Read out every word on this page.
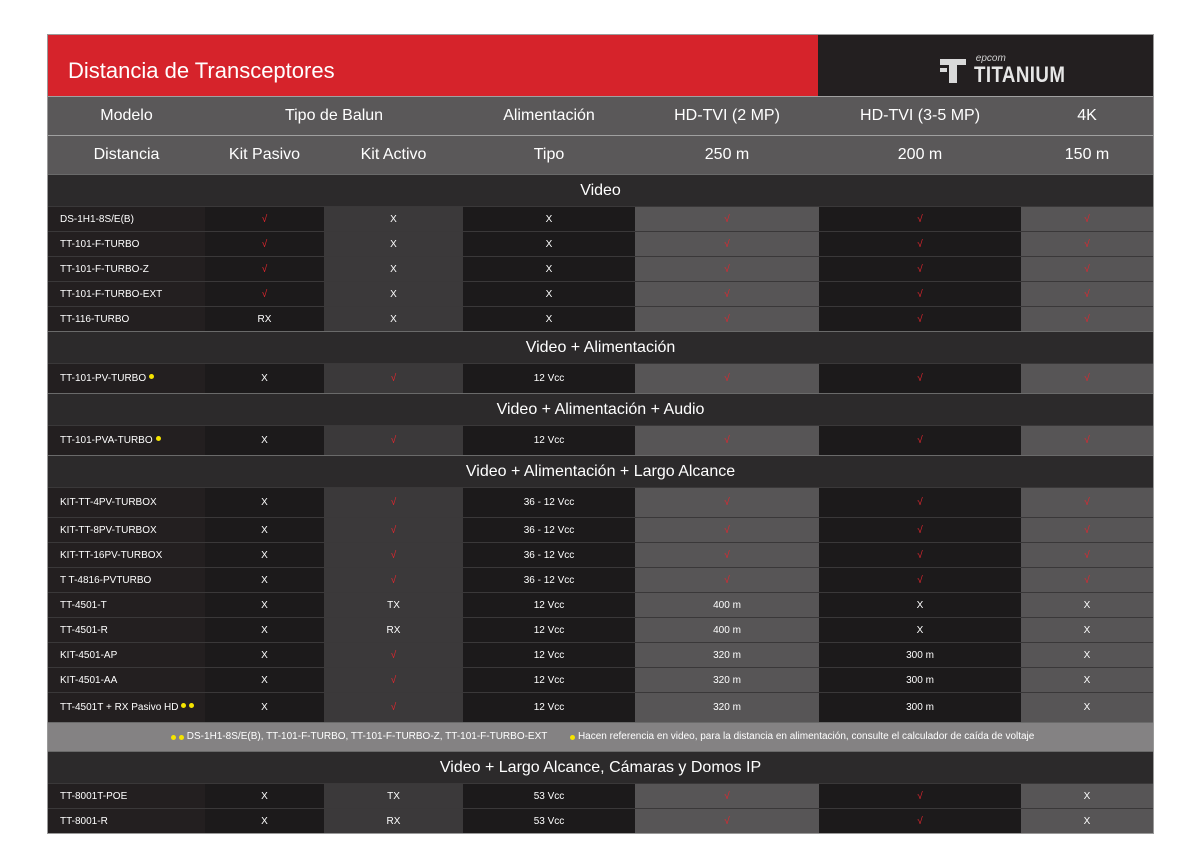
Distancia de Transceptores	epcom
TITANIUM
Modelo	Tipo de Balun		Alimentación	HD-TVI (2 MP)	HD-TVI (3-5 MP)	4K
Distancia	Kit Pasivo	Kit Activo	Tipo	250 m	200 m	150 m
Video						
DS-1H1-8S/E(B)	√	X	X	√	√	√
TT-101-F-TURBO	√	X	X	√	√	√
TT-101-F-TURBO-Z	√	X	X	√	√	√
TT-101-F-TURBO-EXT	√	X	X	√	√	√
TT-116-TURBO	RX	X	X	√	√	√
Video + Alimentación						
TT-101-PV-TURBO	X	√	12 Vcc	√	√	√
Video + Alimentación + Audio						
TT-101-PVA-TURBO	X	√	12 Vcc	√	√	√
Video + Alimentación + Largo Alcance						
KIT-TT-4PV-TURBOX	X	√	36 - 12 Vcc	√	√	√
KIT-TT-8PV-TURBOX	X	√	36 - 12 Vcc	√	√	√
KIT-TT-16PV-TURBOX	X	√	36 - 12 Vcc	√	√	√
T T-4816-PVTURBO	X	√	36 - 12 Vcc	√	√	√
TT-4501-T	X	TX	12 Vcc	400 m	X	X
TT-4501-R	X	RX	12 Vcc	400 m	X	X
KIT-4501-AP	X	√	12 Vcc	320 m	300 m	X
KIT-4501-AA	X	√	12 Vcc	320 m	300 m	X
TT-4501T + RX Pasivo HD	X	√	12 Vcc	320 m	300 m	X

DS-1H1-8S/E(B), TT-101-F-TURBO, TT-101-F-TURBO-Z, TT-101-F-TURBO-EXT Hacen referencia en video, para la distancia en alimentación, consulte el calculador de caída de voltaje						

Video + Largo Alcance, Cámaras y Domos IP						
TT-8001T-POE	X	TX	53 Vcc	√	√	X
TT-8001-R	X	RX	53 Vcc	√	√	X
